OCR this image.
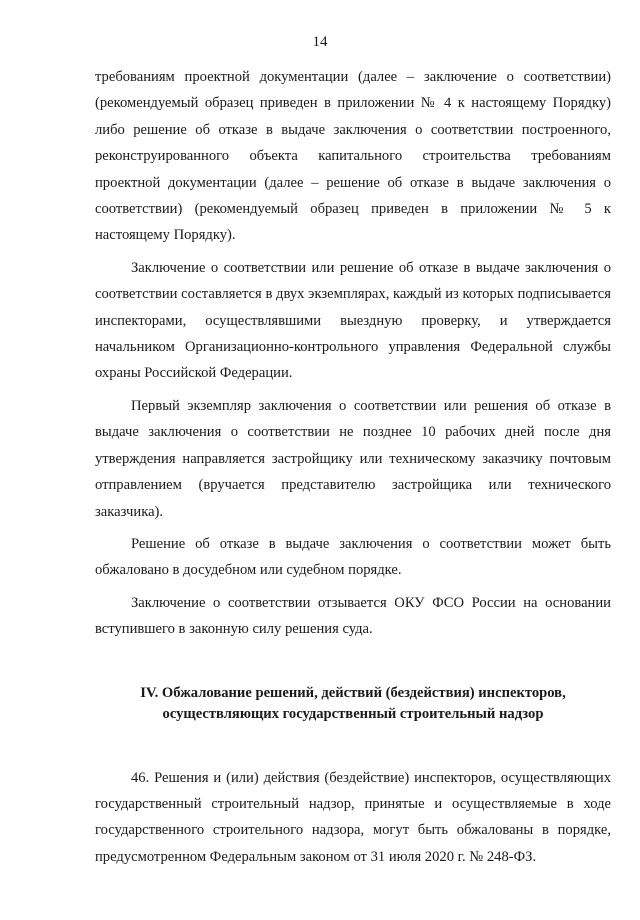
14

требованиям проектной документации (далее – заключение о соответствии) (рекомендуемый образец приведен в приложении № 4 к настоящему Порядку) либо решение об отказе в выдаче заключения о соответствии построенного, реконструированного объекта капитального строительства требованиям проектной документации (далее – решение об отказе в выдаче заключения о соответствии) (рекомендуемый образец приведен в приложении № 5 к настоящему Порядку).

Заключение о соответствии или решение об отказе в выдаче заключения о соответствии составляется в двух экземплярах, каждый из которых подписывается инспекторами, осуществлявшими выездную проверку, и утверждается начальником Организационно-контрольного управления Федеральной службы охраны Российской Федерации.

Первый экземпляр заключения о соответствии или решения об отказе в выдаче заключения о соответствии не позднее 10 рабочих дней после дня утверждения направляется застройщику или техническому заказчику почтовым отправлением (вручается представителю застройщика или технического заказчика).

Решение об отказе в выдаче заключения о соответствии может быть обжаловано в досудебном или судебном порядке.

Заключение о соответствии отзывается ОКУ ФСО России на основании вступившего в законную силу решения суда.

IV. Обжалование решений, действий (бездействия) инспекторов, осуществляющих государственный строительный надзор

46. Решения и (или) действия (бездействие) инспекторов, осуществляющих государственный строительный надзор, принятые и осуществляемые в ходе государственного строительного надзора, могут быть обжалованы в порядке, предусмотренном Федеральным законом от 31 июля 2020 г. № 248-ФЗ.
